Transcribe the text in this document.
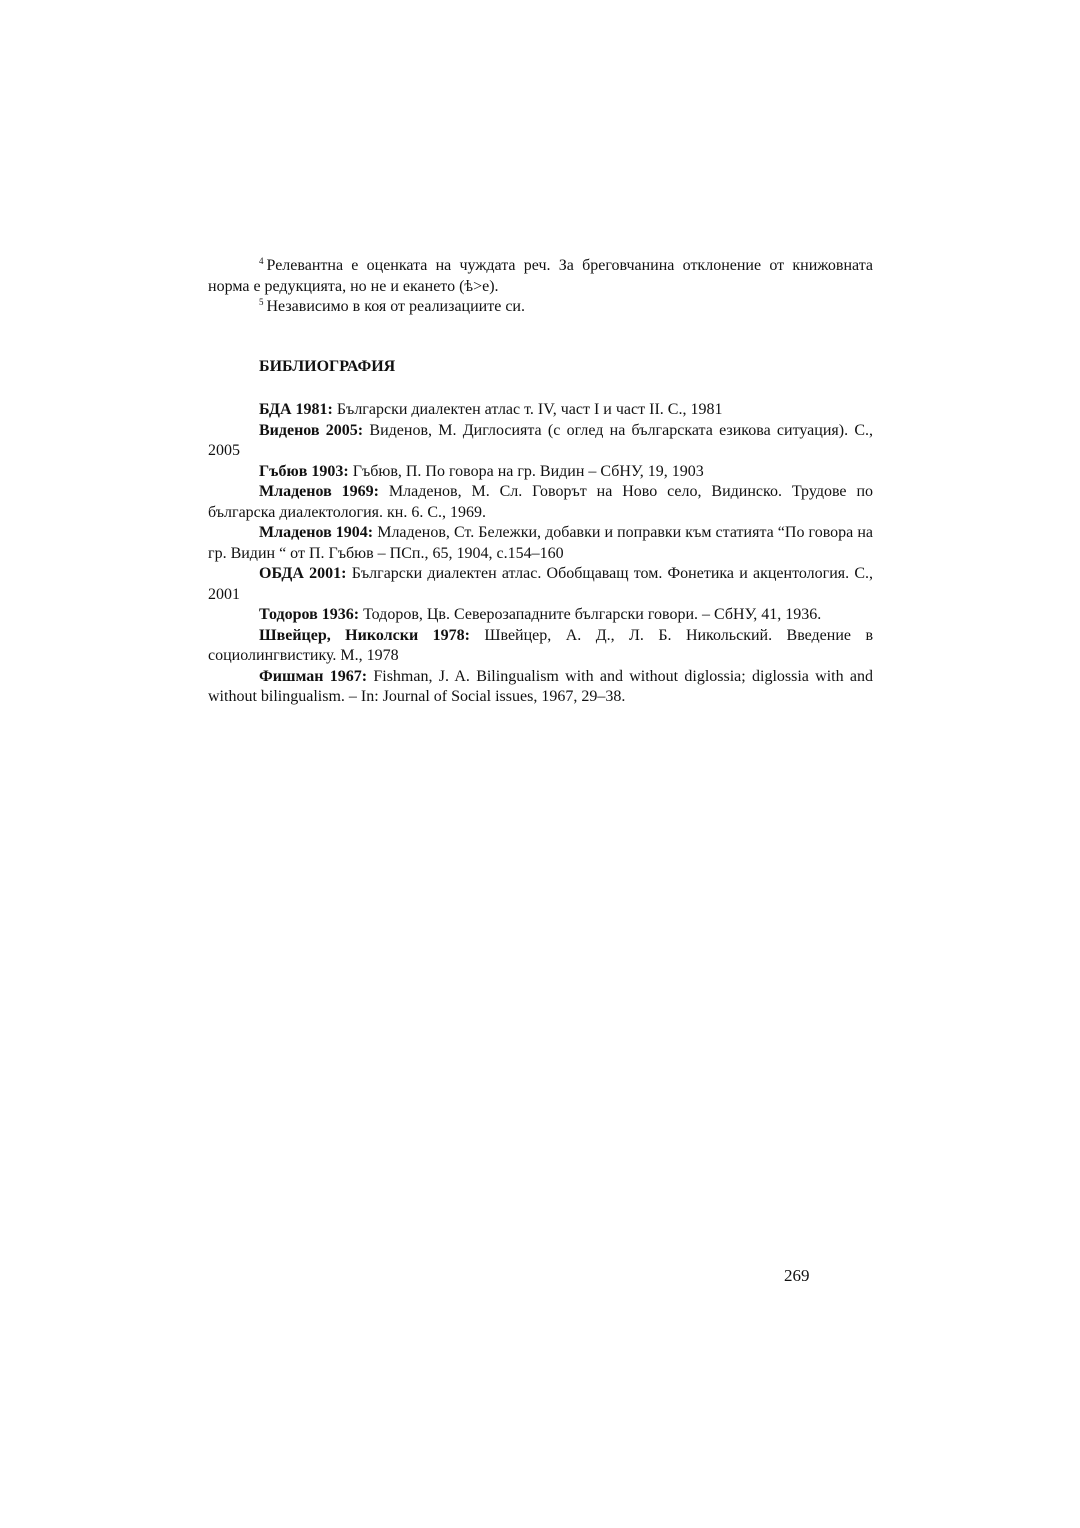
$^4$ Релевантна е оценката на чуждата реч. За бреговчанина отклонение от книжовната норма е редукцията, но не и екането (ѣ>е).

$^5$ Независимо в коя от реализациите си.

БИБЛИОГРАФИЯ

БДА 1981: Български диалектен атлас т. IV, част I и част II. С., 1981

Виденов 2005: Виденов, М. Диглосията (с оглед на българската езикова ситуация). С., 2005

Гъбюв 1903: Гъбюв, П. По говора на гр. Видин – СбНУ, 19, 1903

Младенов 1969: Младенов, М. Сл. Говорът на Ново село, Видинско. Трудове по българска диалектология. кн. 6. С., 1969.

Младенов 1904: Младенов, Ст. Бележки, добавки и поправки към статията “По говора на гр. Видин “ от П. Гъбюв – ПСп., 65, 1904, с.154–160

ОБДА 2001: Български диалектен атлас. Обобщаващ том. Фонетика и акцентология. С., 2001

Тодоров 1936: Тодоров, Цв. Северозападните български говори. – СбНУ, 41, 1936.

Швейцер, Николски 1978: Швейцер, А. Д., Л. Б. Никольский. Введение в социолингвистику. М., 1978

Фишман 1967: Fishman, J. A. Bilingualism with and without diglossia; diglossia with and without bilingualism. – In: Journal of Social issues, 1967, 29–38.

269
